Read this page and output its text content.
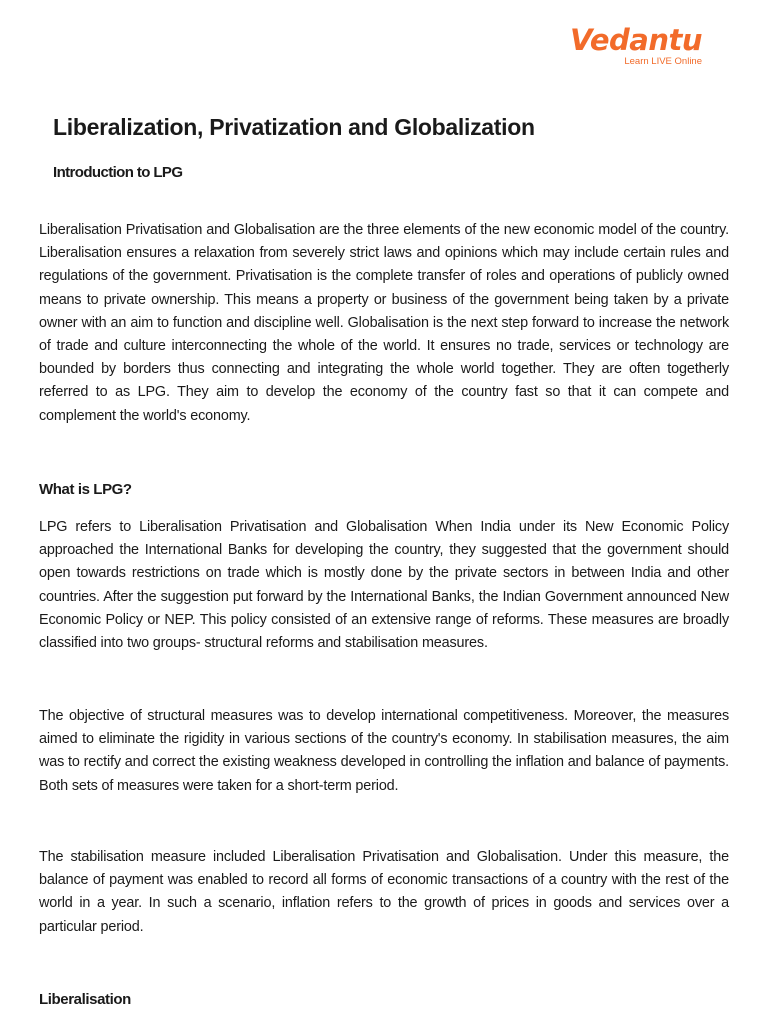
Vedantu
Learn LIVE Online
Liberalization, Privatization and Globalization
Introduction to LPG

Liberalisation Privatisation and Globalisation are the three elements of the new economic model of the country. Liberalisation ensures a relaxation from severely strict laws and opinions which may include certain rules and regulations of the government. Privatisation is the complete transfer of roles and operations of publicly owned means to private ownership. This means a property or business of the government being taken by a private owner with an aim to function and discipline well. Globalisation is the next step forward to increase the network of trade and culture interconnecting the whole of the world. It ensures no trade, services or technology are bounded by borders thus connecting and integrating the whole world together. They are often togetherly referred to as LPG. They aim to develop the economy of the country fast so that it can compete and complement the world's economy.

What is LPG?

LPG refers to Liberalisation Privatisation and Globalisation When India under its New Economic Policy approached the International Banks for developing the country, they suggested that the government should open towards restrictions on trade which is mostly done by the private sectors in between India and other countries. After the suggestion put forward by the International Banks, the Indian Government announced New Economic Policy or NEP. This policy consisted of an extensive range of reforms. These measures are broadly classified into two groups- structural reforms and stabilisation measures.

The objective of structural measures was to develop international competitiveness. Moreover, the measures aimed to eliminate the rigidity in various sections of the country's economy. In stabilisation measures, the aim was to rectify and correct the existing weakness developed in controlling the inflation and balance of payments. Both sets of measures were taken for a short-term period.

The stabilisation measure included Liberalisation Privatisation and Globalisation. Under this measure, the balance of payment was enabled to record all forms of economic transactions of a country with the rest of the world in a year. In such a scenario, inflation refers to the growth of prices in goods and services over a particular period.

Liberalisation
